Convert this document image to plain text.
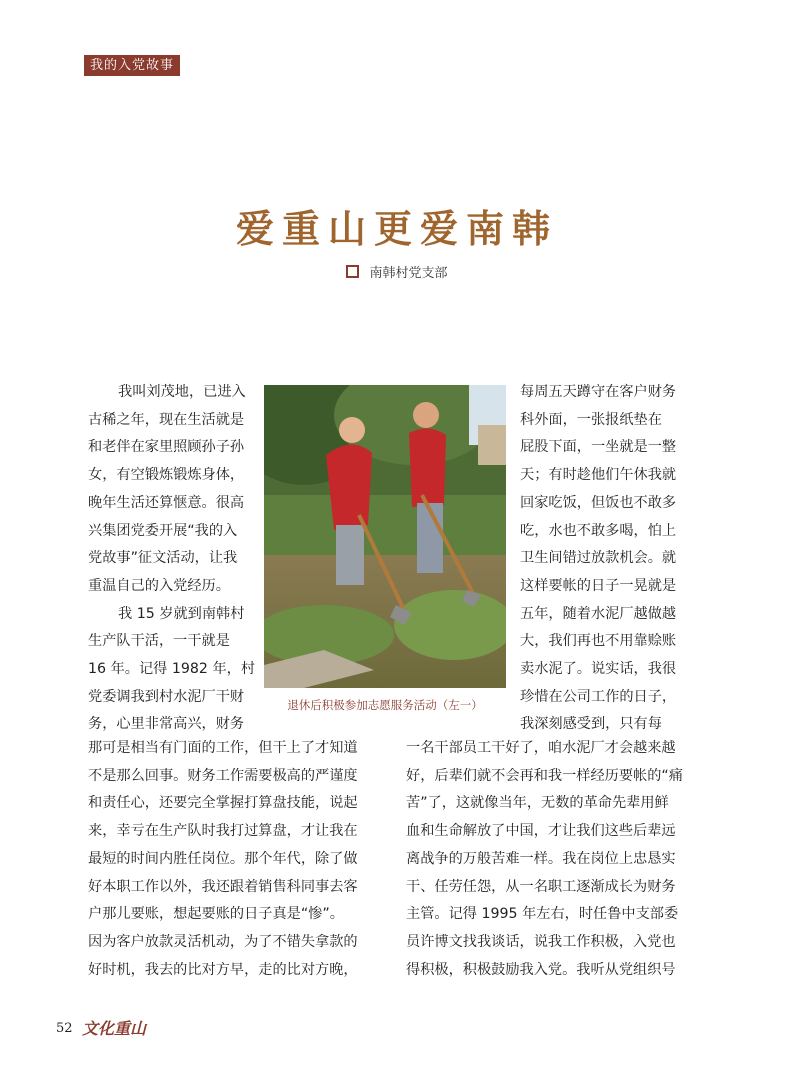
我的入党故事
爱重山更爱南韩
南韩村党支部
我叫刘茂地，已进入
古稀之年，现在生活就是
和老伴在家里照顾孙子孙
女，有空锻炼锻炼身体，
晚年生活还算惬意。很高
兴集团党委开展“我的入
党故事”征文活动，让我
重温自己的入党经历。
我 15 岁就到南韩村
生产队干活，一干就是
16 年。记得 1982 年，村
党委调我到村水泥厂干财
务，心里非常高兴，财务
每周五天蹲守在客户财务
科外面，一张报纸垫在
屁股下面，一坐就是一整
天；有时趁他们午休我就
回家吃饭，但饭也不敢多
吃，水也不敢多喝，怕上
卫生间错过放款机会。就
这样要帐的日子一晃就是
五年，随着水泥厂越做越
大，我们再也不用靠赊账
卖水泥了。说实话，我很
珍惜在公司工作的日子，
我深刻感受到，只有每
那可是相当有门面的工作，但干上了才知道
不是那么回事。财务工作需要极高的严谨度
和责任心，还要完全掌握打算盘技能，说起
来，幸亏在生产队时我打过算盘，才让我在
最短的时间内胜任岗位。那个年代，除了做
好本职工作以外，我还跟着销售科同事去客
户那儿要账，想起要账的日子真是“惨”。
因为客户放款灵活机动，为了不错失拿款的
好时机，我去的比对方早，走的比对方晚，
一名干部员工干好了，咱水泥厂才会越来越
好，后辈们就不会再和我一样经历要帐的“痛
苦”了，这就像当年，无数的革命先辈用鲜
血和生命解放了中国，才让我们这些后辈远
离战争的万般苦难一样。我在岗位上忠恳实
干、任劳任怨，从一名职工逐渐成长为财务
主管。记得 1995 年左右，时任鲁中支部委
员许博文找我谈话，说我工作积极，入党也
得积极，积极鼓励我入党。我听从党组织号
退休后积极参加志愿服务活动（左一）
52 文化重山
